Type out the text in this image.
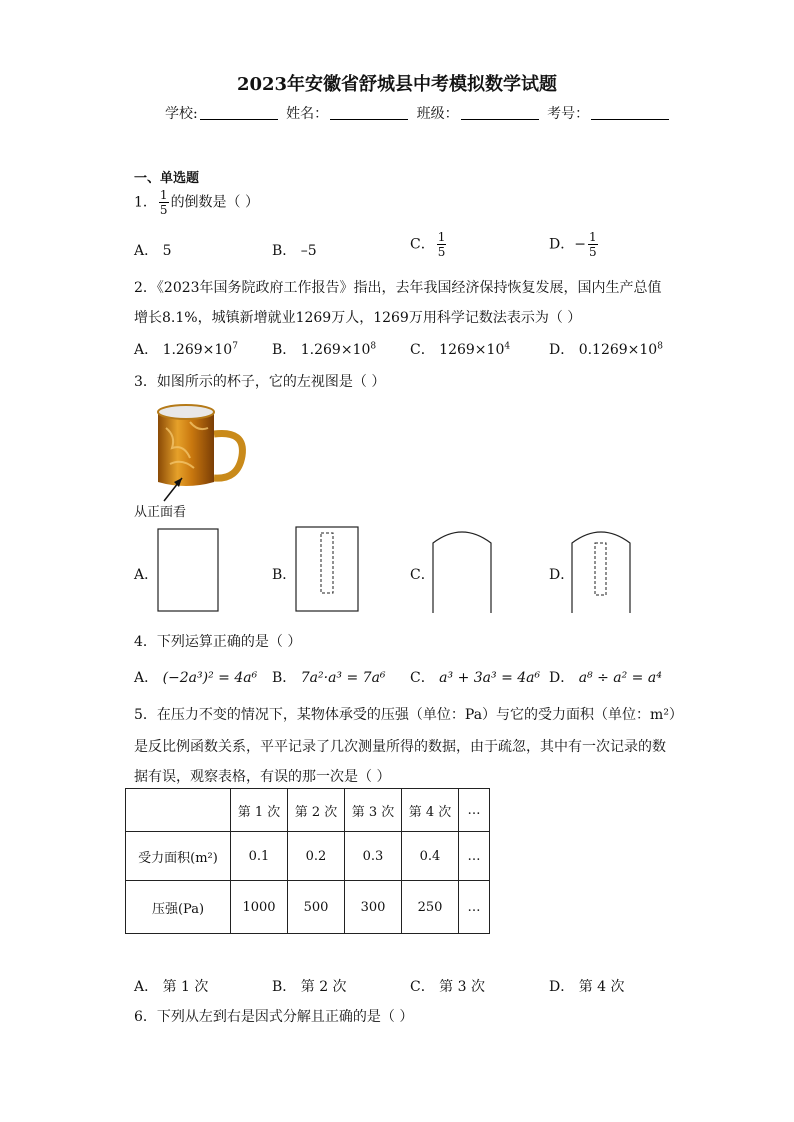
2023年安徽省舒城县中考模拟数学试题
学校:	姓名：	班级：	考号：
一、单选题
1． $\frac{1}{5}$ 的倒数是（ ）
A． 5	B． –5	C． $\frac{1}{5}$	D．− $\frac{1}{5}$
2．《2023年国务院政府工作报告》指出，去年我国经济保持恢复发展，国内生产总值
增长8.1%，城镇新增就业1269万人，1269万用科学记数法表示为（ ）
A． $1.269\times 10^7$ B． $1.269\times 10^8$ C． $1269\times 10^4$	D． $0.1269\times 10^8$
3．如图所示的杯子，它的左视图是（ ）
从正面看
A．	B．	C．	D．
4．下列运算正确的是（ ）
A． (−2a³)² = 4a⁶ B． 7a²·a³ = 7a⁶ C． a³ + 3a³ = 4a⁶ D． a⁸ ÷ a² = a⁴
5．在压力不变的情况下，某物体承受的压强（单位：Pa）与它的受力面积（单位：m²）
是反比例函数关系，平平记录了几次测量所得的数据，由于疏忽，其中有一次记录的数
据有误，观察表格，有误的那一次是（ ）
	第 1 次	第 2 次	第 3 次	第 4 次	…
受力面积(m²)	0.1	0.2	0.3	0.4	…
压强(Pa)	1000	500	300	250	…
A． 第 1 次	B． 第 2 次	C． 第 3 次	D． 第 4 次
6．下列从左到右是因式分解且正确的是（ ）
